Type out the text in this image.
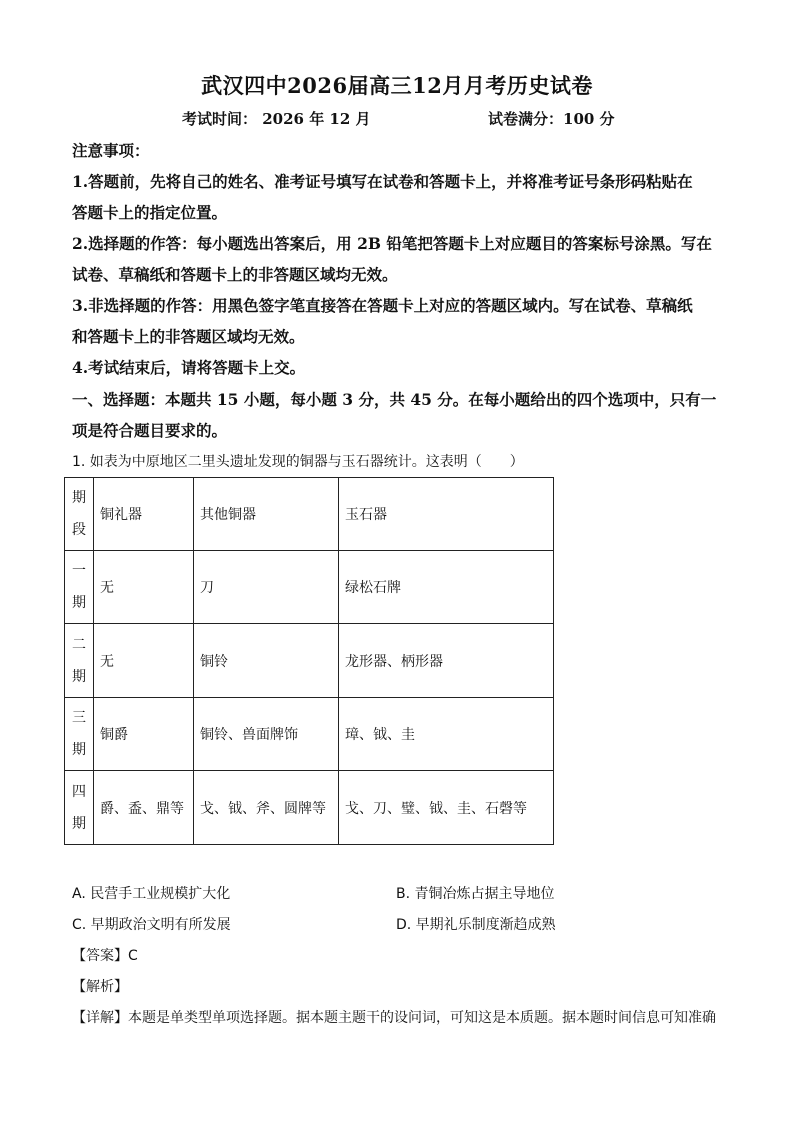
武汉四中2026届高三12月月考历史试卷
考试时间： 2026 年 12 月	试卷满分：100 分
注意事项：
1.答题前，先将自己的姓名、准考证号填写在试卷和答题卡上，并将准考证号条形码粘贴在
答题卡上的指定位置。
2.选择题的作答：每小题选出答案后，用 2B 铅笔把答题卡上对应题目的答案标号涂黑。写在
试卷、草稿纸和答题卡上的非答题区域均无效。
3.非选择题的作答：用黑色签字笔直接答在答题卡上对应的答题区域内。写在试卷、草稿纸
和答题卡上的非答题区域均无效。
4.考试结束后，请将答题卡上交。
一、选择题：本题共 15 小题，每小题 3 分，共 45 分。在每小题给出的四个选项中，只有一
项是符合题目要求的。
1. 如表为中原地区二里头遗址发现的铜器与玉石器统计。这表明（　　）
期段	铜礼器	其他铜器	玉石器
一期	无	刀	绿松石牌
二期	无	铜铃	龙形器、柄形器
三期	铜爵	铜铃、兽面牌饰	璋、钺、圭
四期	爵、盉、鼎等	戈、钺、斧、圆牌等	戈、刀、璧、钺、圭、石磬等
A. 民营手工业规模扩大化	B. 青铜冶炼占据主导地位
C. 早期政治文明有所发展	D. 早期礼乐制度渐趋成熟
【答案】C
【解析】
【详解】本题是单类型单项选择题。据本题主题干的设问词，可知这是本质题。据本题时间信息可知准确
